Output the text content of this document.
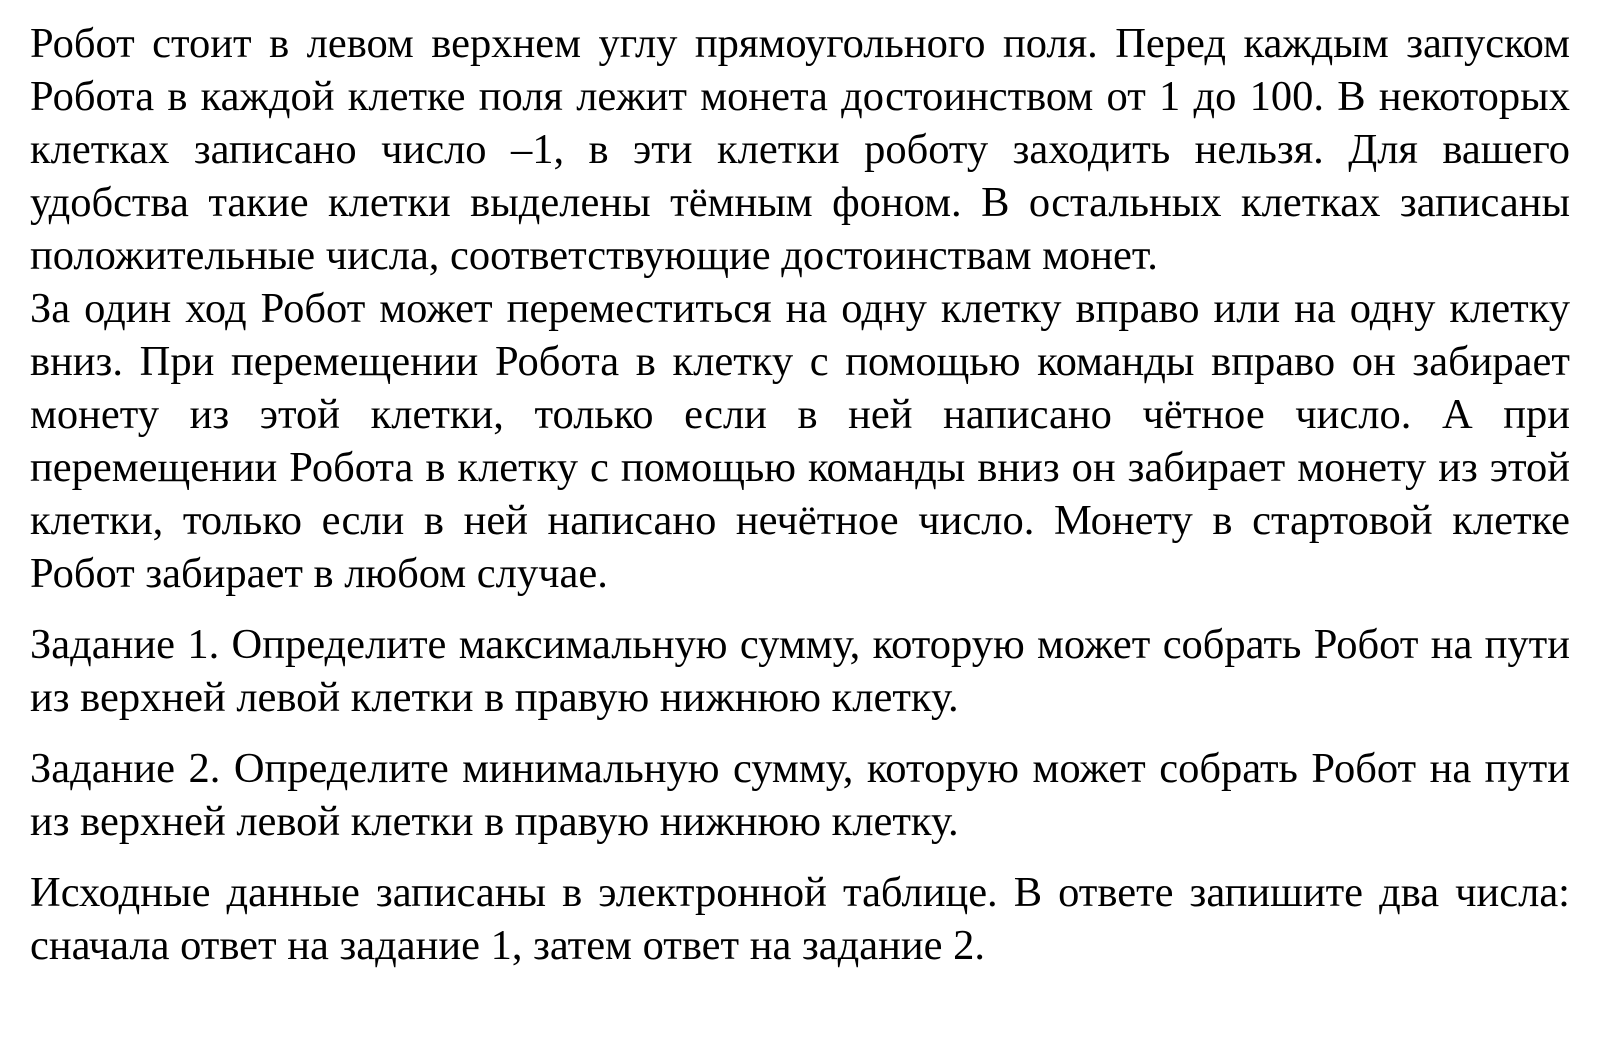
Робот стоит в левом верхнем углу прямоугольного поля. Перед каждым запуском Робота в каждой клетке поля лежит монета достоинством от 1 до 100. В некоторых клетках записано число –1, в эти клетки роботу заходить нельзя. Для вашего удобства такие клетки выделены тёмным фоном. В остальных клетках записаны положительные числа, соответствующие достоинствам монет.

За один ход Робот может переместиться на одну клетку вправо или на одну клетку вниз. При перемещении Робота в клетку с помощью команды вправо он забирает монету из этой клетки, только если в ней написано чётное число. А при перемещении Робота в клетку с помощью команды вниз он забирает монету из этой клетки, только если в ней написано нечётное число. Монету в стартовой клетке Робот забирает в любом случае.

Задание 1. Определите максимальную сумму, которую может собрать Робот на пути из верхней левой клетки в правую нижнюю клетку.

Задание 2. Определите минимальную сумму, которую может собрать Робот на пути из верхней левой клетки в правую нижнюю клетку.

Исходные данные записаны в электронной таблице. В ответе запишите два числа: сначала ответ на задание 1, затем ответ на задание 2.
